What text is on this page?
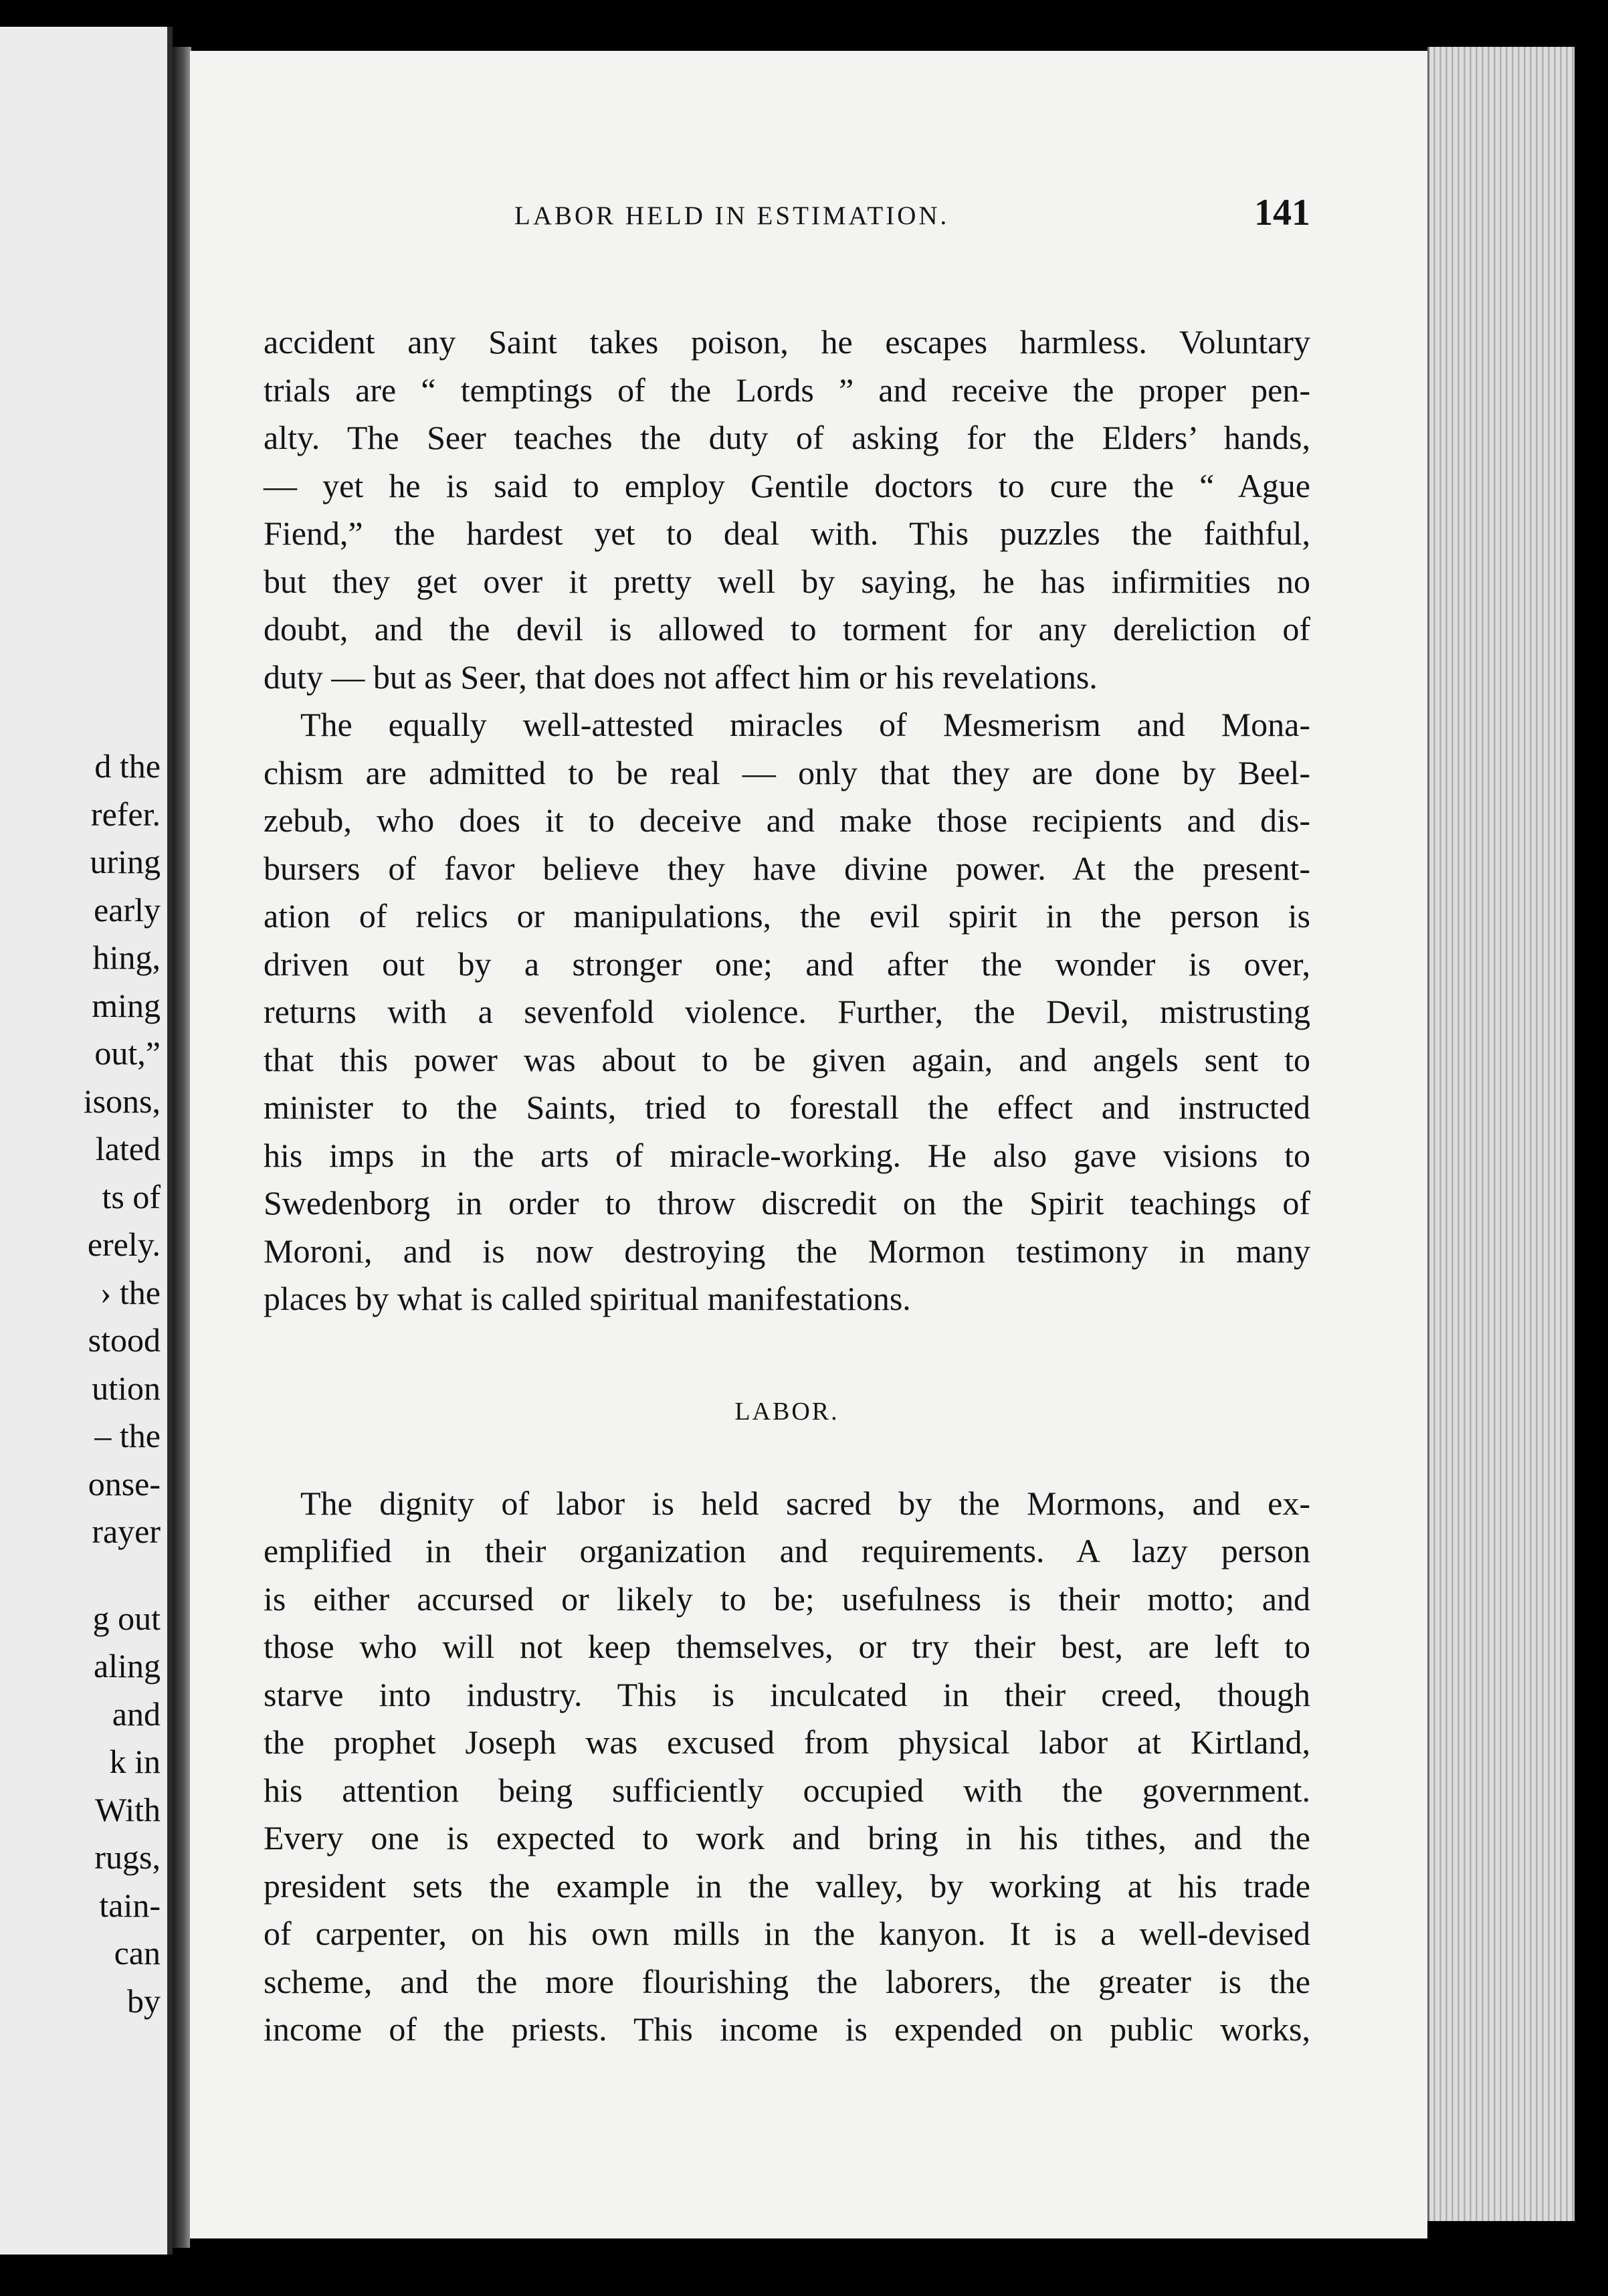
d the
refer.
uring
early
hing,
ming
out,”
isons,
lated
ts of
erely.
› the
stood
ution
– the
onse-
rayer
g out
aling
and
k in
With
rugs,
tain-
can
by
LABOR HELD IN ESTIMATION.	141
accident any Saint takes poison, he escapes harmless. Voluntary
trials are “ temptings of the Lords ” and receive the proper pen-
alty. The Seer teaches the duty of asking for the Elders’ hands,
— yet he is said to employ Gentile doctors to cure the “ Ague
Fiend,” the hardest yet to deal with. This puzzles the faithful,
but they get over it pretty well by saying, he has infirmities no
doubt, and the devil is allowed to torment for any dereliction of
duty — but as Seer, that does not affect him or his revelations.
The equally well-attested miracles of Mesmerism and Mona-
chism are admitted to be real — only that they are done by Beel-
zebub, who does it to deceive and make those recipients and dis-
bursers of favor believe they have divine power. At the present-
ation of relics or manipulations, the evil spirit in the person is
driven out by a stronger one; and after the wonder is over,
returns with a sevenfold violence. Further, the Devil, mistrusting
that this power was about to be given again, and angels sent to
minister to the Saints, tried to forestall the effect and instructed
his imps in the arts of miracle-working. He also gave visions to
Swedenborg in order to throw discredit on the Spirit teachings of
Moroni, and is now destroying the Mormon testimony in many
places by what is called spiritual manifestations.
LABOR.
The dignity of labor is held sacred by the Mormons, and ex-
emplified in their organization and requirements. A lazy person
is either accursed or likely to be; usefulness is their motto; and
those who will not keep themselves, or try their best, are left to
starve into industry. This is inculcated in their creed, though
the prophet Joseph was excused from physical labor at Kirtland,
his attention being sufficiently occupied with the government.
Every one is expected to work and bring in his tithes, and the
president sets the example in the valley, by working at his trade
of carpenter, on his own mills in the kanyon. It is a well-devised
scheme, and the more flourishing the laborers, the greater is the
income of the priests. This income is expended on public works,
